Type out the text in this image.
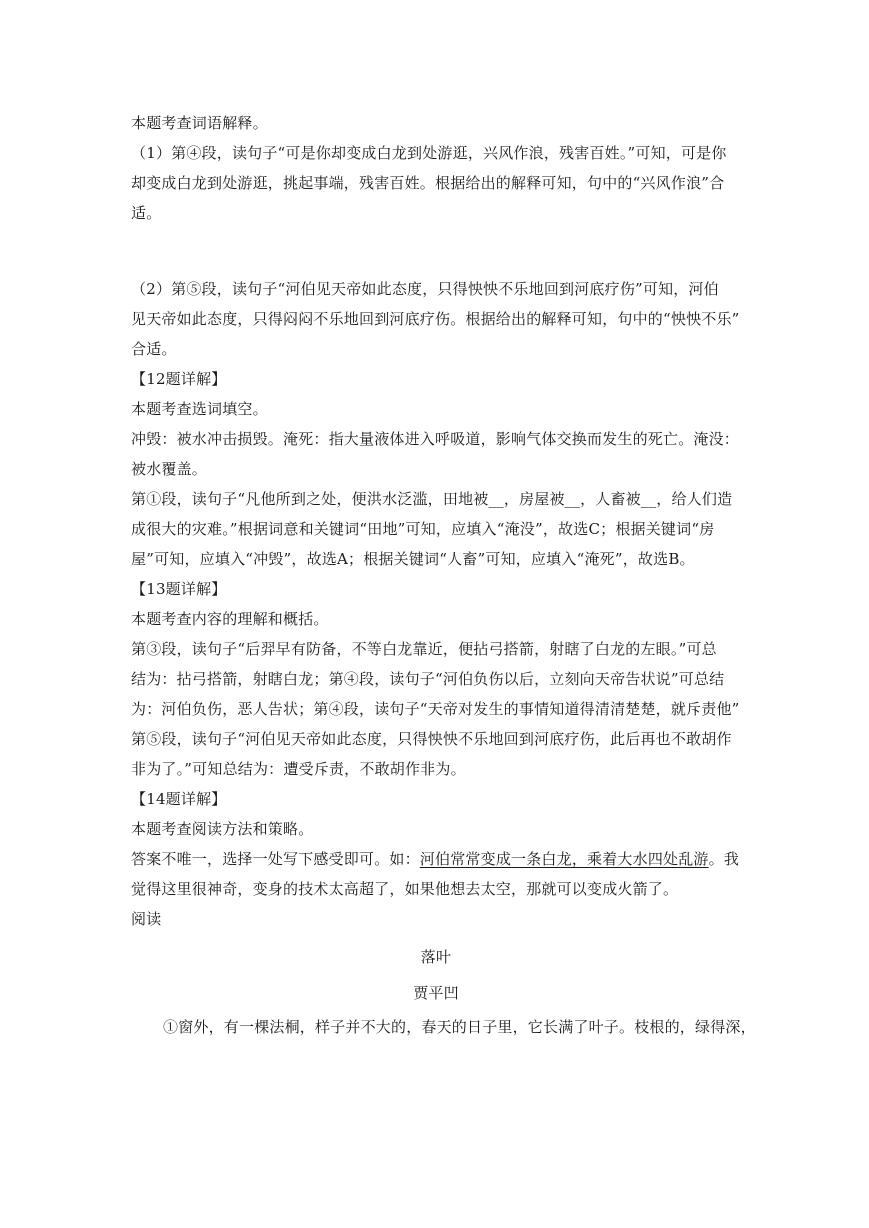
本题考查词语解释。
（1）第④段，读句子“可是你却变成白龙到处游逛，兴风作浪，残害百姓。”可知，可是你
却变成白龙到处游逛，挑起事端，残害百姓。根据给出的解释可知，句中的“兴风作浪”合
适。
（2）第⑤段，读句子“河伯见天帝如此态度，只得怏怏不乐地回到河底疗伤”可知，河伯
见天帝如此态度，只得闷闷不乐地回到河底疗伤。根据给出的解释可知，句中的“怏怏不乐”
合适。
【12题详解】
本题考查选词填空。
冲毁：被水冲击损毁。淹死：指大量液体进入呼吸道，影响气体交换而发生的死亡。淹没：
被水覆盖。
第①段，读句子“凡他所到之处，便洪水泛滥，田地被__，房屋被__，人畜被__，给人们造
成很大的灾难。”根据词意和关键词“田地”可知，应填入“淹没”，故选C；根据关键词“房
屋”可知，应填入“冲毁”，故选A；根据关键词“人畜”可知，应填入“淹死”，故选B。
【13题详解】
本题考查内容的理解和概括。
第③段，读句子“后羿早有防备，不等白龙靠近，便拈弓搭箭，射瞎了白龙的左眼。”可总
结为：拈弓搭箭，射瞎白龙；第④段，读句子“河伯负伤以后，立刻向天帝告状说”可总结
为：河伯负伤，恶人告状；第④段，读句子“天帝对发生的事情知道得清清楚楚，就斥责他”
第⑤段，读句子“河伯见天帝如此态度，只得怏怏不乐地回到河底疗伤，此后再也不敢胡作
非为了。”可知总结为：遭受斥责，不敢胡作非为。
【14题详解】
本题考查阅读方法和策略。
答案不唯一，选择一处写下感受即可。如：河伯常常变成一条白龙，乘着大水四处乱游。我
觉得这里很神奇，变身的技术太高超了，如果他想去太空，那就可以变成火箭了。
阅读
落叶
贾平凹
①窗外，有一棵法桐，样子并不大的，春天的日子里，它长满了叶子。枝根的，绿得深，
